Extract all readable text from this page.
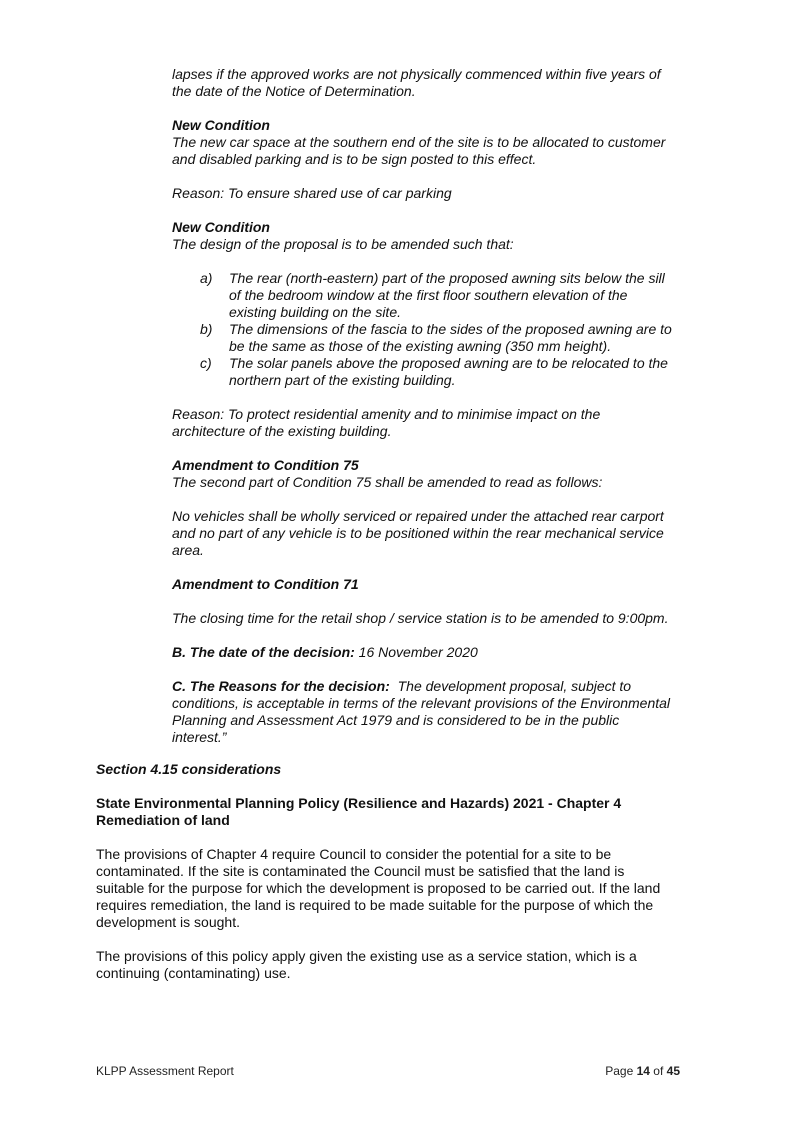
lapses if the approved works are not physically commenced within five years of

the date of the Notice of Determination.

New Condition

The new car space at the southern end of the site is to be allocated to customer

and disabled parking and is to be sign posted to this effect.

Reason: To ensure shared use of car parking

New Condition

The design of the proposal is to be amended such that:

a) The rear (north-eastern) part of the proposed awning sits below the sill
of the bedroom window at the first floor southern elevation of the
existing building on the site.
b) The dimensions of the fascia to the sides of the proposed awning are to
be the same as those of the existing awning (350 mm height).
c) The solar panels above the proposed awning are to be relocated to the
northern part of the existing building.

Reason: To protect residential amenity and to minimise impact on the

architecture of the existing building.

Amendment to Condition 75

The second part of Condition 75 shall be amended to read as follows:

No vehicles shall be wholly serviced or repaired under the attached rear carport

and no part of any vehicle is to be positioned within the rear mechanical service

area.

Amendment to Condition 71

The closing time for the retail shop / service station is to be amended to 9:00pm.

B. The date of the decision: 16 November 2020

C. The Reasons for the decision:  The development proposal, subject to

conditions, is acceptable in terms of the relevant provisions of the Environmental

Planning and Assessment Act 1979 and is considered to be in the public

interest.”

Section 4.15 considerations

State Environmental Planning Policy (Resilience and Hazards) 2021 - Chapter 4

Remediation of land

The provisions of Chapter 4 require Council to consider the potential for a site to be

contaminated. If the site is contaminated the Council must be satisfied that the land is

suitable for the purpose for which the development is proposed to be carried out. If the land

requires remediation, the land is required to be made suitable for the purpose of which the

development is sought.

The provisions of this policy apply given the existing use as a service station, which is a

continuing (contaminating) use.

KLPP Assessment Report	Page 14 of 45
